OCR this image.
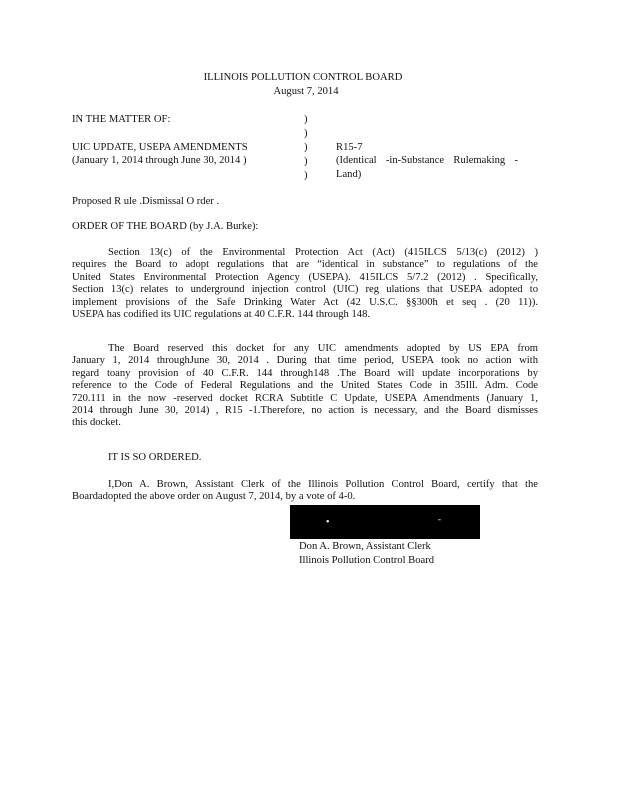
ILLINOIS POLLUTION CONTROL BOARD
August 7, 2014
IN THE MATTER OF:
UIC UPDATE, USEPA AMENDMENTS
(January 1, 2014 through June 30, 2014 )
)
)
)
)
)
R15-7
(Identical -in-Substance Rulemaking -
Land)
Proposed R ule .Dismissal O rder .
ORDER OF THE BOARD (by J.A. Burke):
Section 13(c) of the Environmental Protection Act (Act) (415ILCS 5/13(c) (2012) )
requires the Board to adopt regulations that are “identical in substance” to regulations of the
United States Environmental Protection Agency (USEPA). 415ILCS 5/7.2 (2012) . Specifically,
Section 13(c) relates to underground injection control (UIC) reg ulations that USEPA adopted to
implement provisions of the Safe Drinking Water Act (42 U.S.C. §§300h et seq . (20 11)).
USEPA has codified its UIC regulations at 40 C.F.R. 144 through 148.
The Board reserved this docket for any UIC amendments adopted by US EPA from
January 1, 2014 throughJune 30, 2014 . During that time period, USEPA took no action with
regard toany provision of 40 C.F.R. 144 through148 .The Board will update incorporations by
reference to the Code of Federal Regulations and the United States Code in 35Ill. Adm. Code
720.111 in the now -reserved docket RCRA Subtitle C Update, USEPA Amendments (January 1,
2014 through June 30, 2014) , R15 -1.Therefore, no action is necessary, and the Board dismisses
this docket.
IT IS SO ORDERED.
I,Don A. Brown, Assistant Clerk of the Illinois Pollution Control Board, certify that the
Boardadopted the above order on August 7, 2014, by a vote of 4-0.
•	-
Don A. Brown, Assistant Clerk
Illinois Pollution Control Board
